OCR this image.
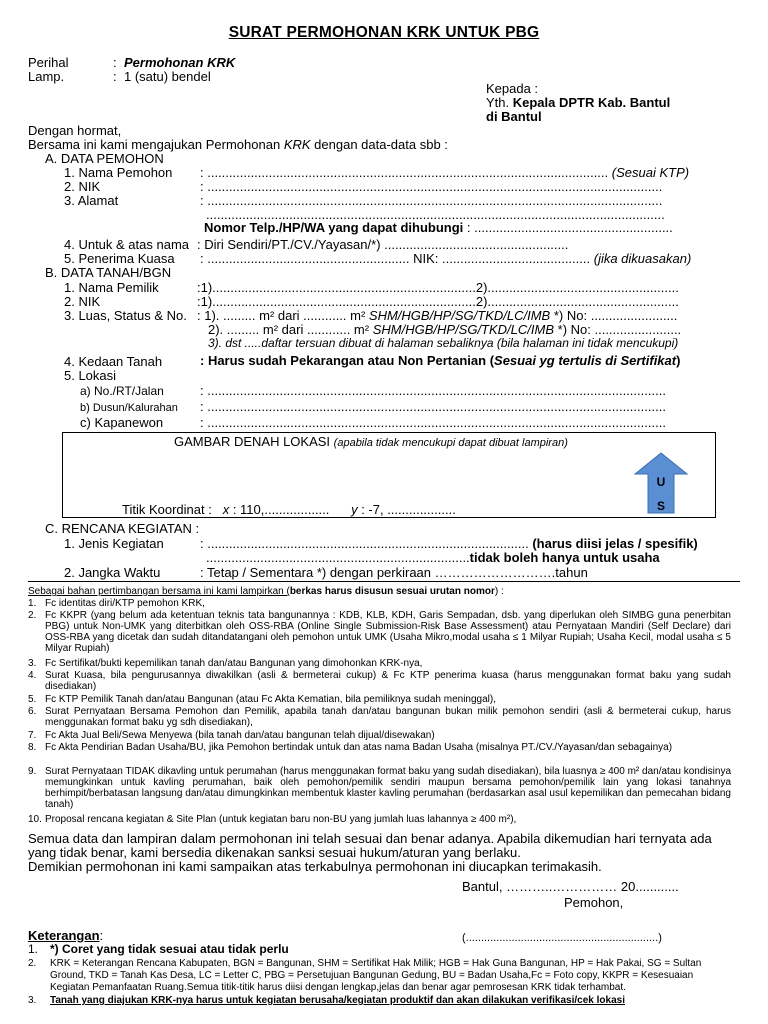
SURAT PERMOHONAN KRK UNTUK PBG
Perihal	: Permohonan KRK
Lamp.	: 1 (satu) bendel
Kepada :
Yth. Kepala DPTR Kab. Bantul
di Bantul
Dengan hormat,
Bersama ini kami mengajukan Permohonan KRK dengan data-data sbb :
A. DATA PEMOHON
1. Nama Pemohon : ............................................................................................................... (Sesuai KTP)
2. NIK	: ..............................................................................................................................
3. Alamat	: ..............................................................................................................................
...............................................................................................................................
Nomor Telp./HP/WA yang dapat dihubungi : .......................................................
4. Untuk & atas nama : Diri Sendiri/PT./CV./Yayasan/*) ...................................................
5. Penerima Kuasa : ........................................................ NIK: ......................................... (jika dikuasakan)
B. DATA TANAH/BGN
1. Nama Pemilik	:1).........................................................................2).....................................................
2. NIK	:1).........................................................................2).....................................................
3. Luas, Status & No. : 1). ......... m² dari ............ m² SHM/HGB/HP/SG/TKD/LC/IMB *) No: ........................
2). ......... m² dari ............ m² SHM/HGB/HP/SG/TKD/LC/IMB *) No: ........................
3). dst .....daftar tersuan dibuat di halaman sebaliknya (bila halaman ini tidak mencukupi)
4. Kedaan Tanah	: Harus sudah Pekarangan atau Non Pertanian (Sesuai yg tertulis di Sertifikat)
5. Lokasi
a) No./RT/Jalan	: ...............................................................................................................................
b) Dusun/Kalurahan : ...............................................................................................................................
c) Kapanewon	: ...............................................................................................................................
GAMBAR DENAH LOKASI (apabila tidak mencukupi dapat dibuat lampiran)
U
S
Titik Koordinat : x : 110,.................. y : -7, ...................
C. RENCANA KEGIATAN :
1. Jenis Kegiatan	: ......................................................................................... (harus diisi jelas / spesifik)
.........................................................................tidak boleh hanya untuk usaha
2. Jangka Waktu	: Tetap / Sementara *) dengan perkiraan ……………………….tahun
Sebagai bahan pertimbangan bersama ini kami lampirkan (berkas harus disusun sesuai urutan nomor) :
1. Fc identitas diri/KTP pemohon KRK,
2. Fc KKPR (yang belum ada ketentuan teknis tata bangunannya : KDB, KLB, KDH, Garis Sempadan, dsb. yang diperlukan oleh SIMBG guna penerbitan PBG) untuk Non-UMK yang diterbitkan oleh OSS-RBA (Online Single Submission-Risk Base Assessment) atau Pernyataan Mandiri (Self Declare) dari OSS-RBA yang dicetak dan sudah ditandatangani oleh pemohon untuk UMK (Usaha Mikro,modal usaha ≤ 1 Milyar Rupiah; Usaha Kecil, modal usaha ≤ 5 Milyar Rupiah)
3. Fc Sertifikat/bukti kepemilikan tanah dan/atau Bangunan yang dimohonkan KRK-nya,
4. Surat Kuasa, bila pengurusannya diwakilkan (asli & bermeterai cukup) & Fc KTP penerima kuasa (harus menggunakan format baku yang sudah disediakan)
5. Fc KTP Pemilik Tanah dan/atau Bangunan (atau Fc Akta Kematian, bila pemiliknya sudah meninggal),
6. Surat Pernyataan Bersama Pemohon dan Pemilik, apabila tanah dan/atau bangunan bukan milik pemohon sendiri (asli & bermeterai cukup, harus menggunakan format baku yg sdh disediakan),
7. Fc Akta Jual Beli/Sewa Menyewa (bila tanah dan/atau bangunan telah dijual/disewakan)
8. Fc Akta Pendirian Badan Usaha/BU, jika Pemohon bertindak untuk dan atas nama Badan Usaha (misalnya PT./CV./Yayasan/dan sebagainya)
9. Surat Pernyataan TIDAK dikavling untuk perumahan (harus menggunakan format baku yang sudah disediakan), bila luasnya ≥ 400 m² dan/atau kondisinya memungkinkan untuk kavling perumahan, baik oleh pemohon/pemilik sendiri maupun bersama pemohon/pemilik lain yang lokasi tanahnya berhimpit/berbatasan langsung dan/atau dimungkinkan membentuk klaster kavling perumahan (berdasarkan asal usul kepemilikan dan pemecahan bidang tanah)
10. Proposal rencana kegiatan & Site Plan (untuk kegiatan baru non-BU yang jumlah luas lahannya ≥ 400 m²),
Semua data dan lampiran dalam permohonan ini telah sesuai dan benar adanya. Apabila dikemudian hari ternyata ada yang tidak benar, kami bersedia dikenakan sanksi sesuai hukum/aturan yang berlaku.
Demikian permohonan ini kami sampaikan atas terkabulnya permohonan ini diucapkan terimakasih.
Bantul, ………..…………… 20............
Pemohon,
Keterangan:	(...............................................................)
1. *) Coret yang tidak sesuai atau tidak perlu
2. KRK = Keterangan Rencana Kabupaten, BGN = Bangunan, SHM = Sertifikat Hak Milik; HGB = Hak Guna Bangunan, HP = Hak Pakai, SG = Sultan Ground, TKD = Tanah Kas Desa, LC = Letter C, PBG = Persetujuan Bangunan Gedung, BU = Badan Usaha,Fc = Foto copy, KKPR = Kesesuaian Kegiatan Pemanfaatan Ruang.Semua titik-titik harus diisi dengan lengkap,jelas dan benar agar pemrosesan KRK tidak terhambat.
3. Tanah yang diajukan KRK-nya harus untuk kegiatan berusaha/kegiatan produktif dan akan dilakukan verifikasi/cek lokasi
